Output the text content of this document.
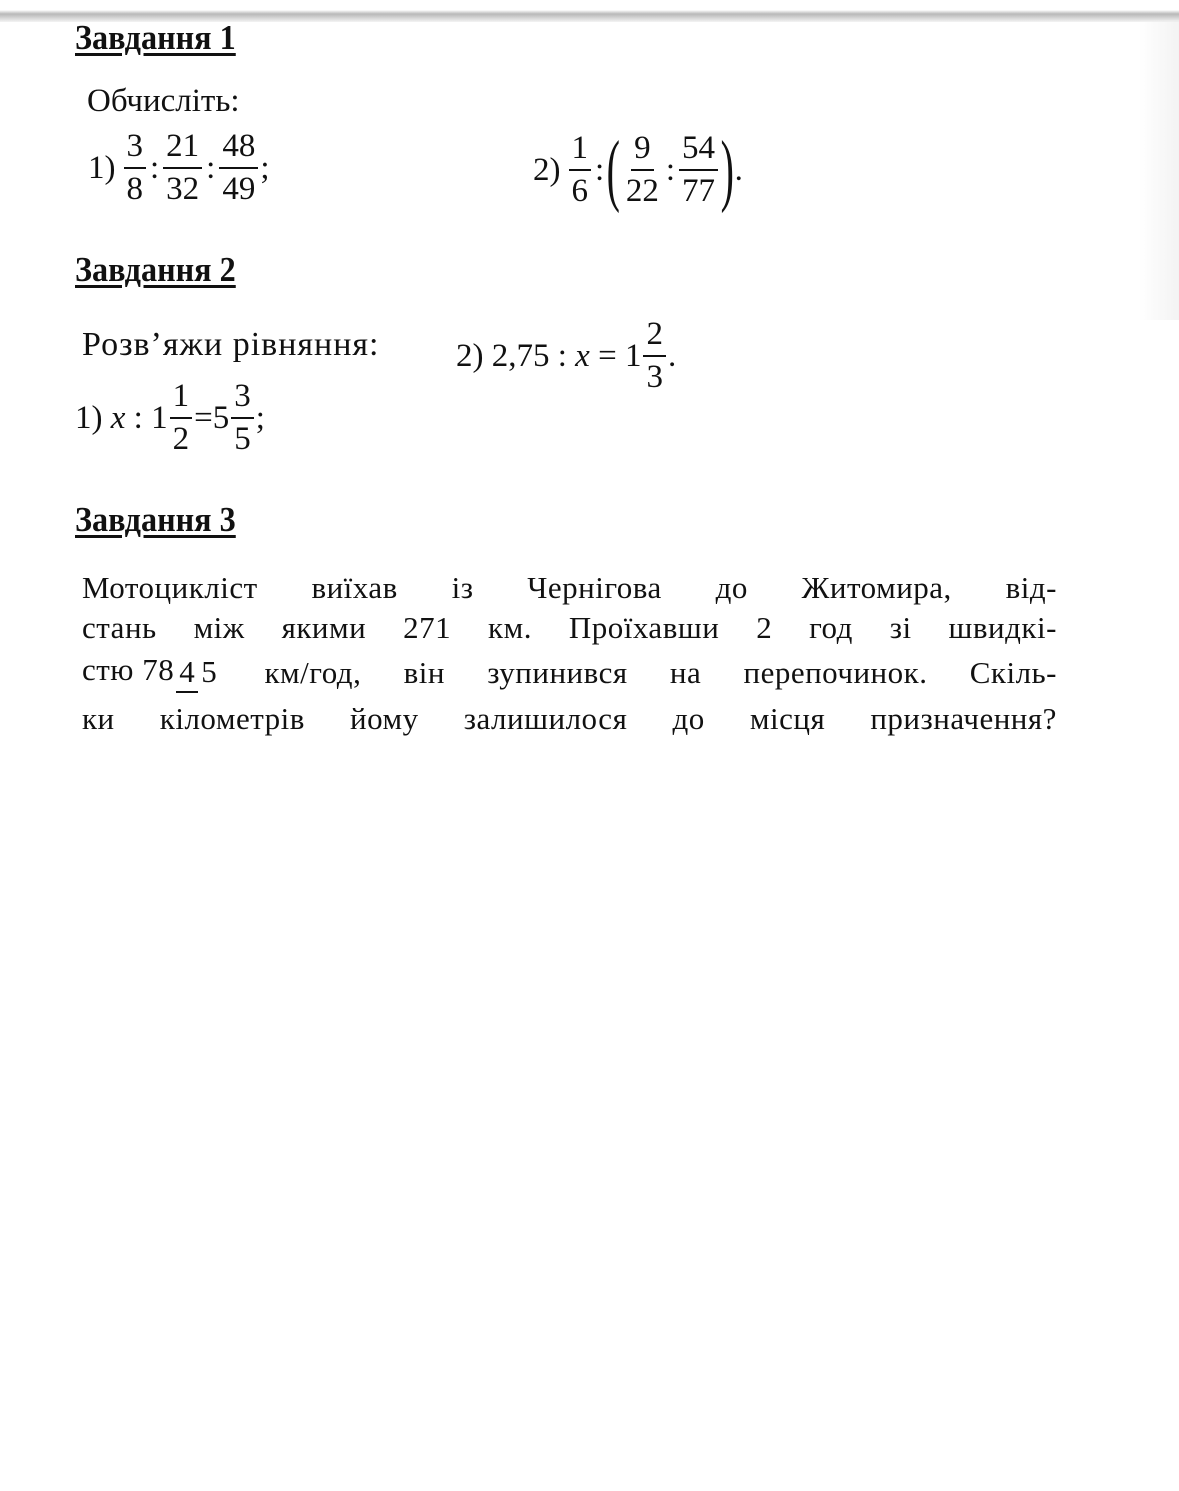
Завдання 1
Обчисліть:
1)
3
8
:
21
32
:
48
49
;	2)
1
6
: ( 9
22
:
54
77 ) .
Завдання 2
Розв’яжи рівняння: 2)
2,75
:
x
=
1
2
3
.
1)
x
:
$1 \frac{1}{2} = 5$
3
5
;
Завдання 3
Мотоцикліст виїхав із Чернігова до Житомира, від-
стань між якими 271 км. Проїхавши 2 год зі швидкі-
стю 78 4 5 км/год, він зупинився на перепочинок. Скіль-
ки кілометрів йому залишилося до місця призначення?
